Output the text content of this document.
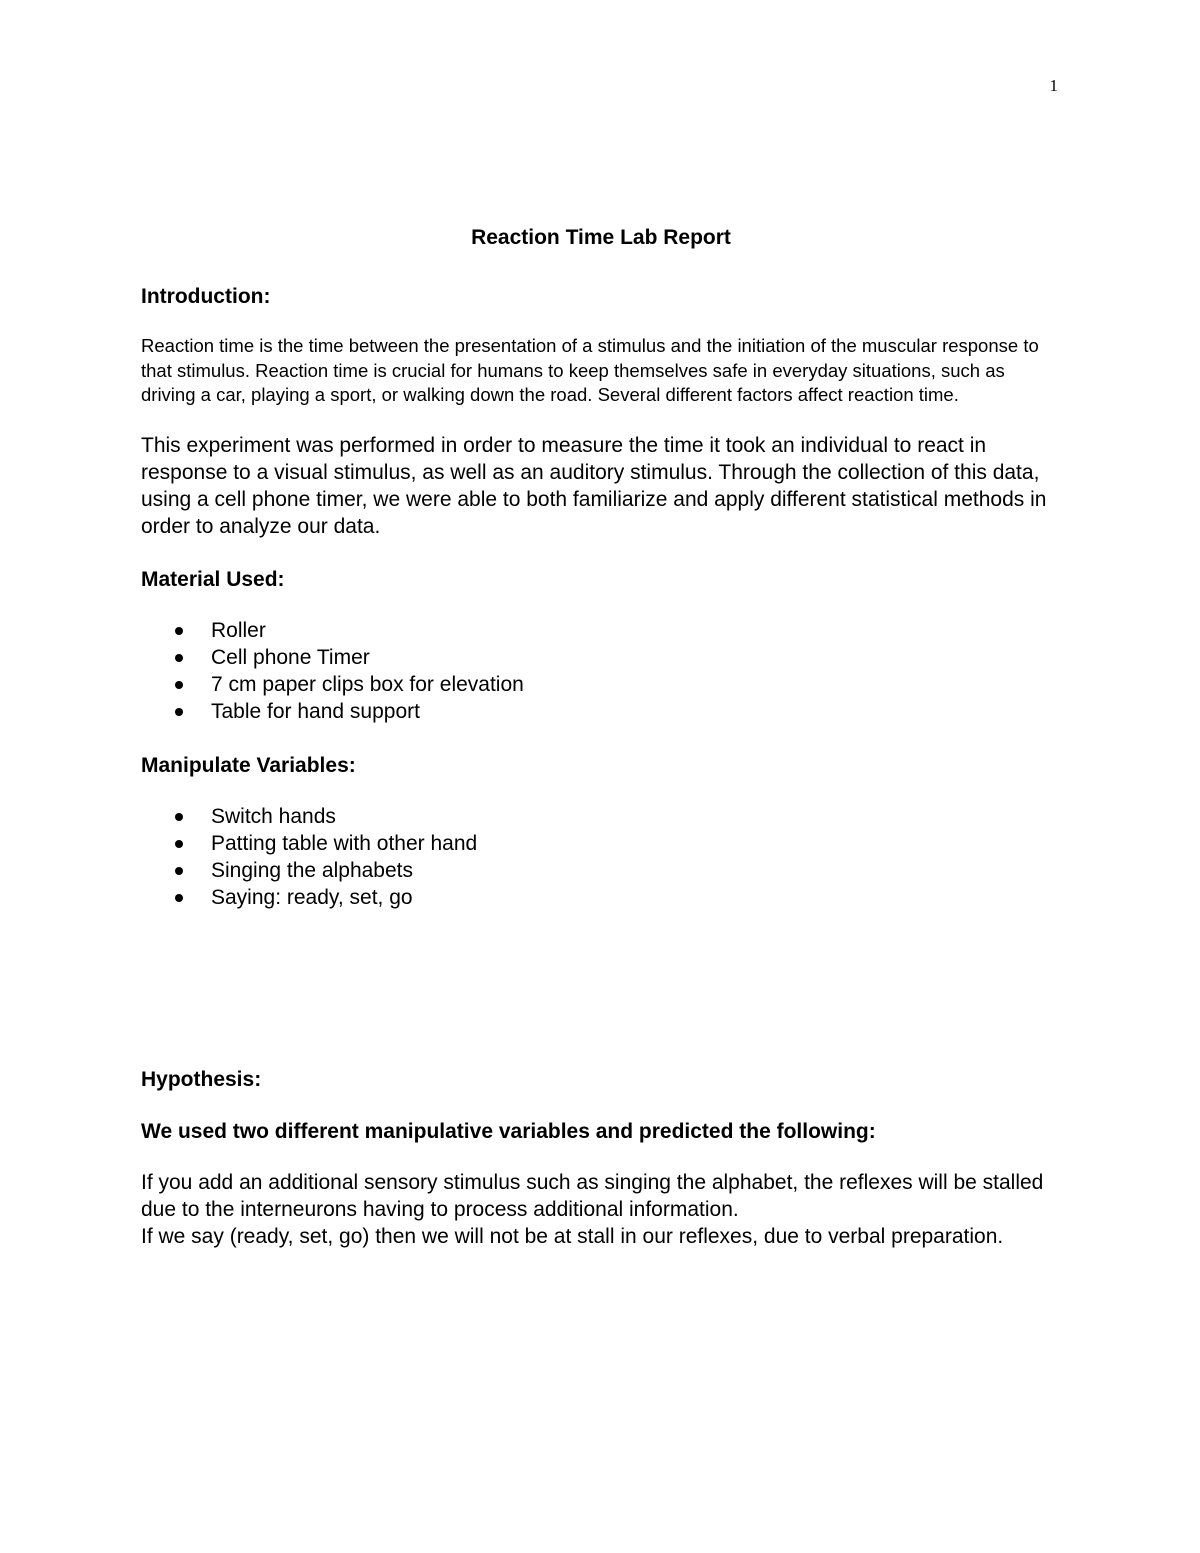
1
Reaction Time Lab Report
Introduction:

Reaction time is the time between the presentation of a stimulus and the initiation of the muscular response to that stimulus. Reaction time is crucial for humans to keep themselves safe in everyday situations, such as driving a car, playing a sport, or walking down the road. Several different factors affect reaction time.

This experiment was performed in order to measure the time it took an individual to react in response to a visual stimulus, as well as an auditory stimulus. Through the collection of this data, using a cell phone timer, we were able to both familiarize and apply different statistical methods in order to analyze our data.

Material Used:
Roller
Cell phone Timer
7 cm paper clips box for elevation
Table for hand support
Manipulate Variables:
Switch hands
Patting table with other hand
Singing the alphabets
Saying: ready, set, go
Hypothesis:
We used two different manipulative variables and predicted the following:

If you add an additional sensory stimulus such as singing the alphabet, the reflexes will be stalled due to the interneurons having to process additional information.
If we say (ready, set, go) then we will not be at stall in our reflexes, due to verbal preparation.
